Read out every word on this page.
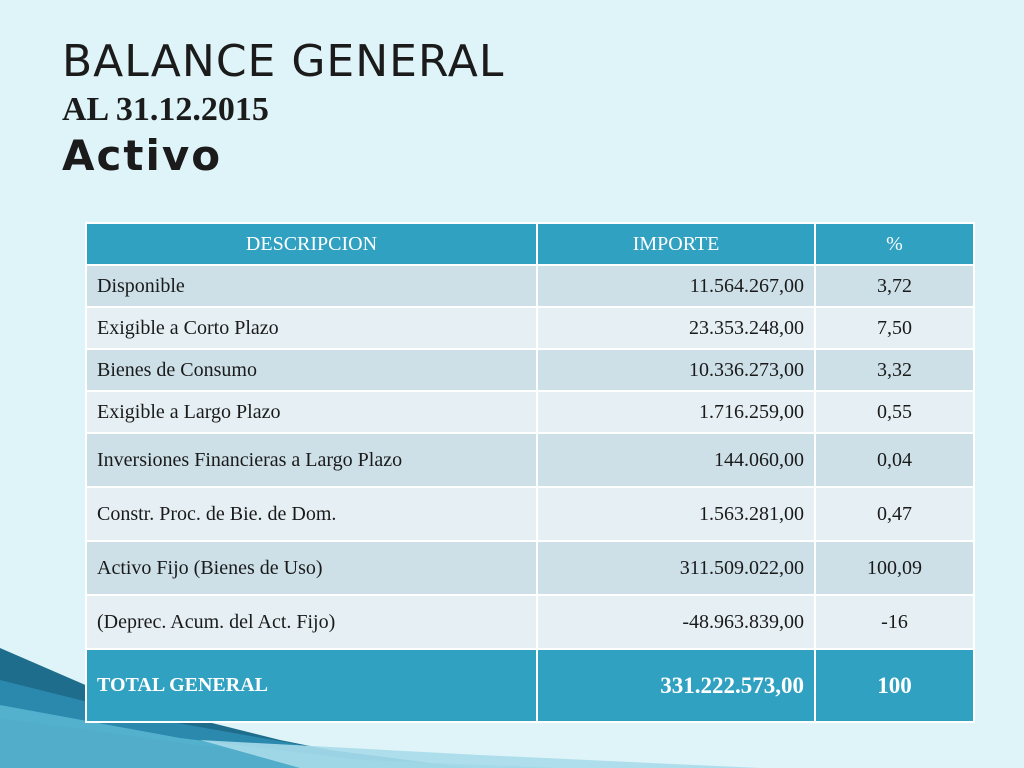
BALANCE GENERAL
AL 31.12.2015
Activo
DESCRIPCION	IMPORTE	%
Disponible	11.564.267,00	3,72
Exigible a Corto Plazo	23.353.248,00	7,50
Bienes de Consumo	10.336.273,00	3,32
Exigible a Largo Plazo	1.716.259,00	0,55
Inversiones Financieras a Largo Plazo	144.060,00	0,04
Constr. Proc. de Bie. de Dom.	1.563.281,00	0,47
Activo Fijo (Bienes de Uso)	311.509.022,00	100,09
(Deprec. Acum. del Act. Fijo)	-48.963.839,00	-16
TOTAL GENERAL	331.222.573,00	100
